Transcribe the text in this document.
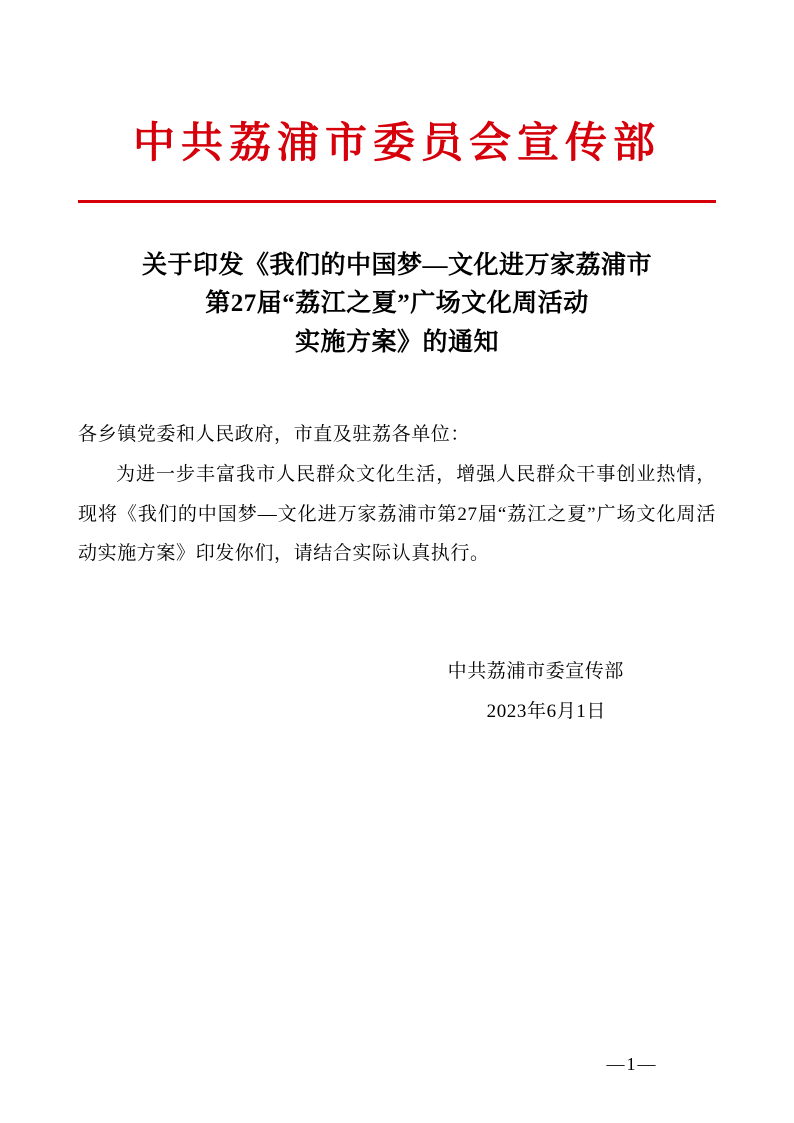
中共荔浦市委员会宣传部
关于印发《我们的中国梦—文化进万家荔浦市
第27届“荔江之夏”广场文化周活动
实施方案》的通知

各乡镇党委和人民政府，市直及驻荔各单位：

为进一步丰富我市人民群众文化生活，增强人民群众干事创业热情，现将《我们的中国梦—文化进万家荔浦市第27届“荔江之夏”广场文化周活动实施方案》印发你们，请结合实际认真执行。

中共荔浦市委宣传部
2023年6月1日
—1—
